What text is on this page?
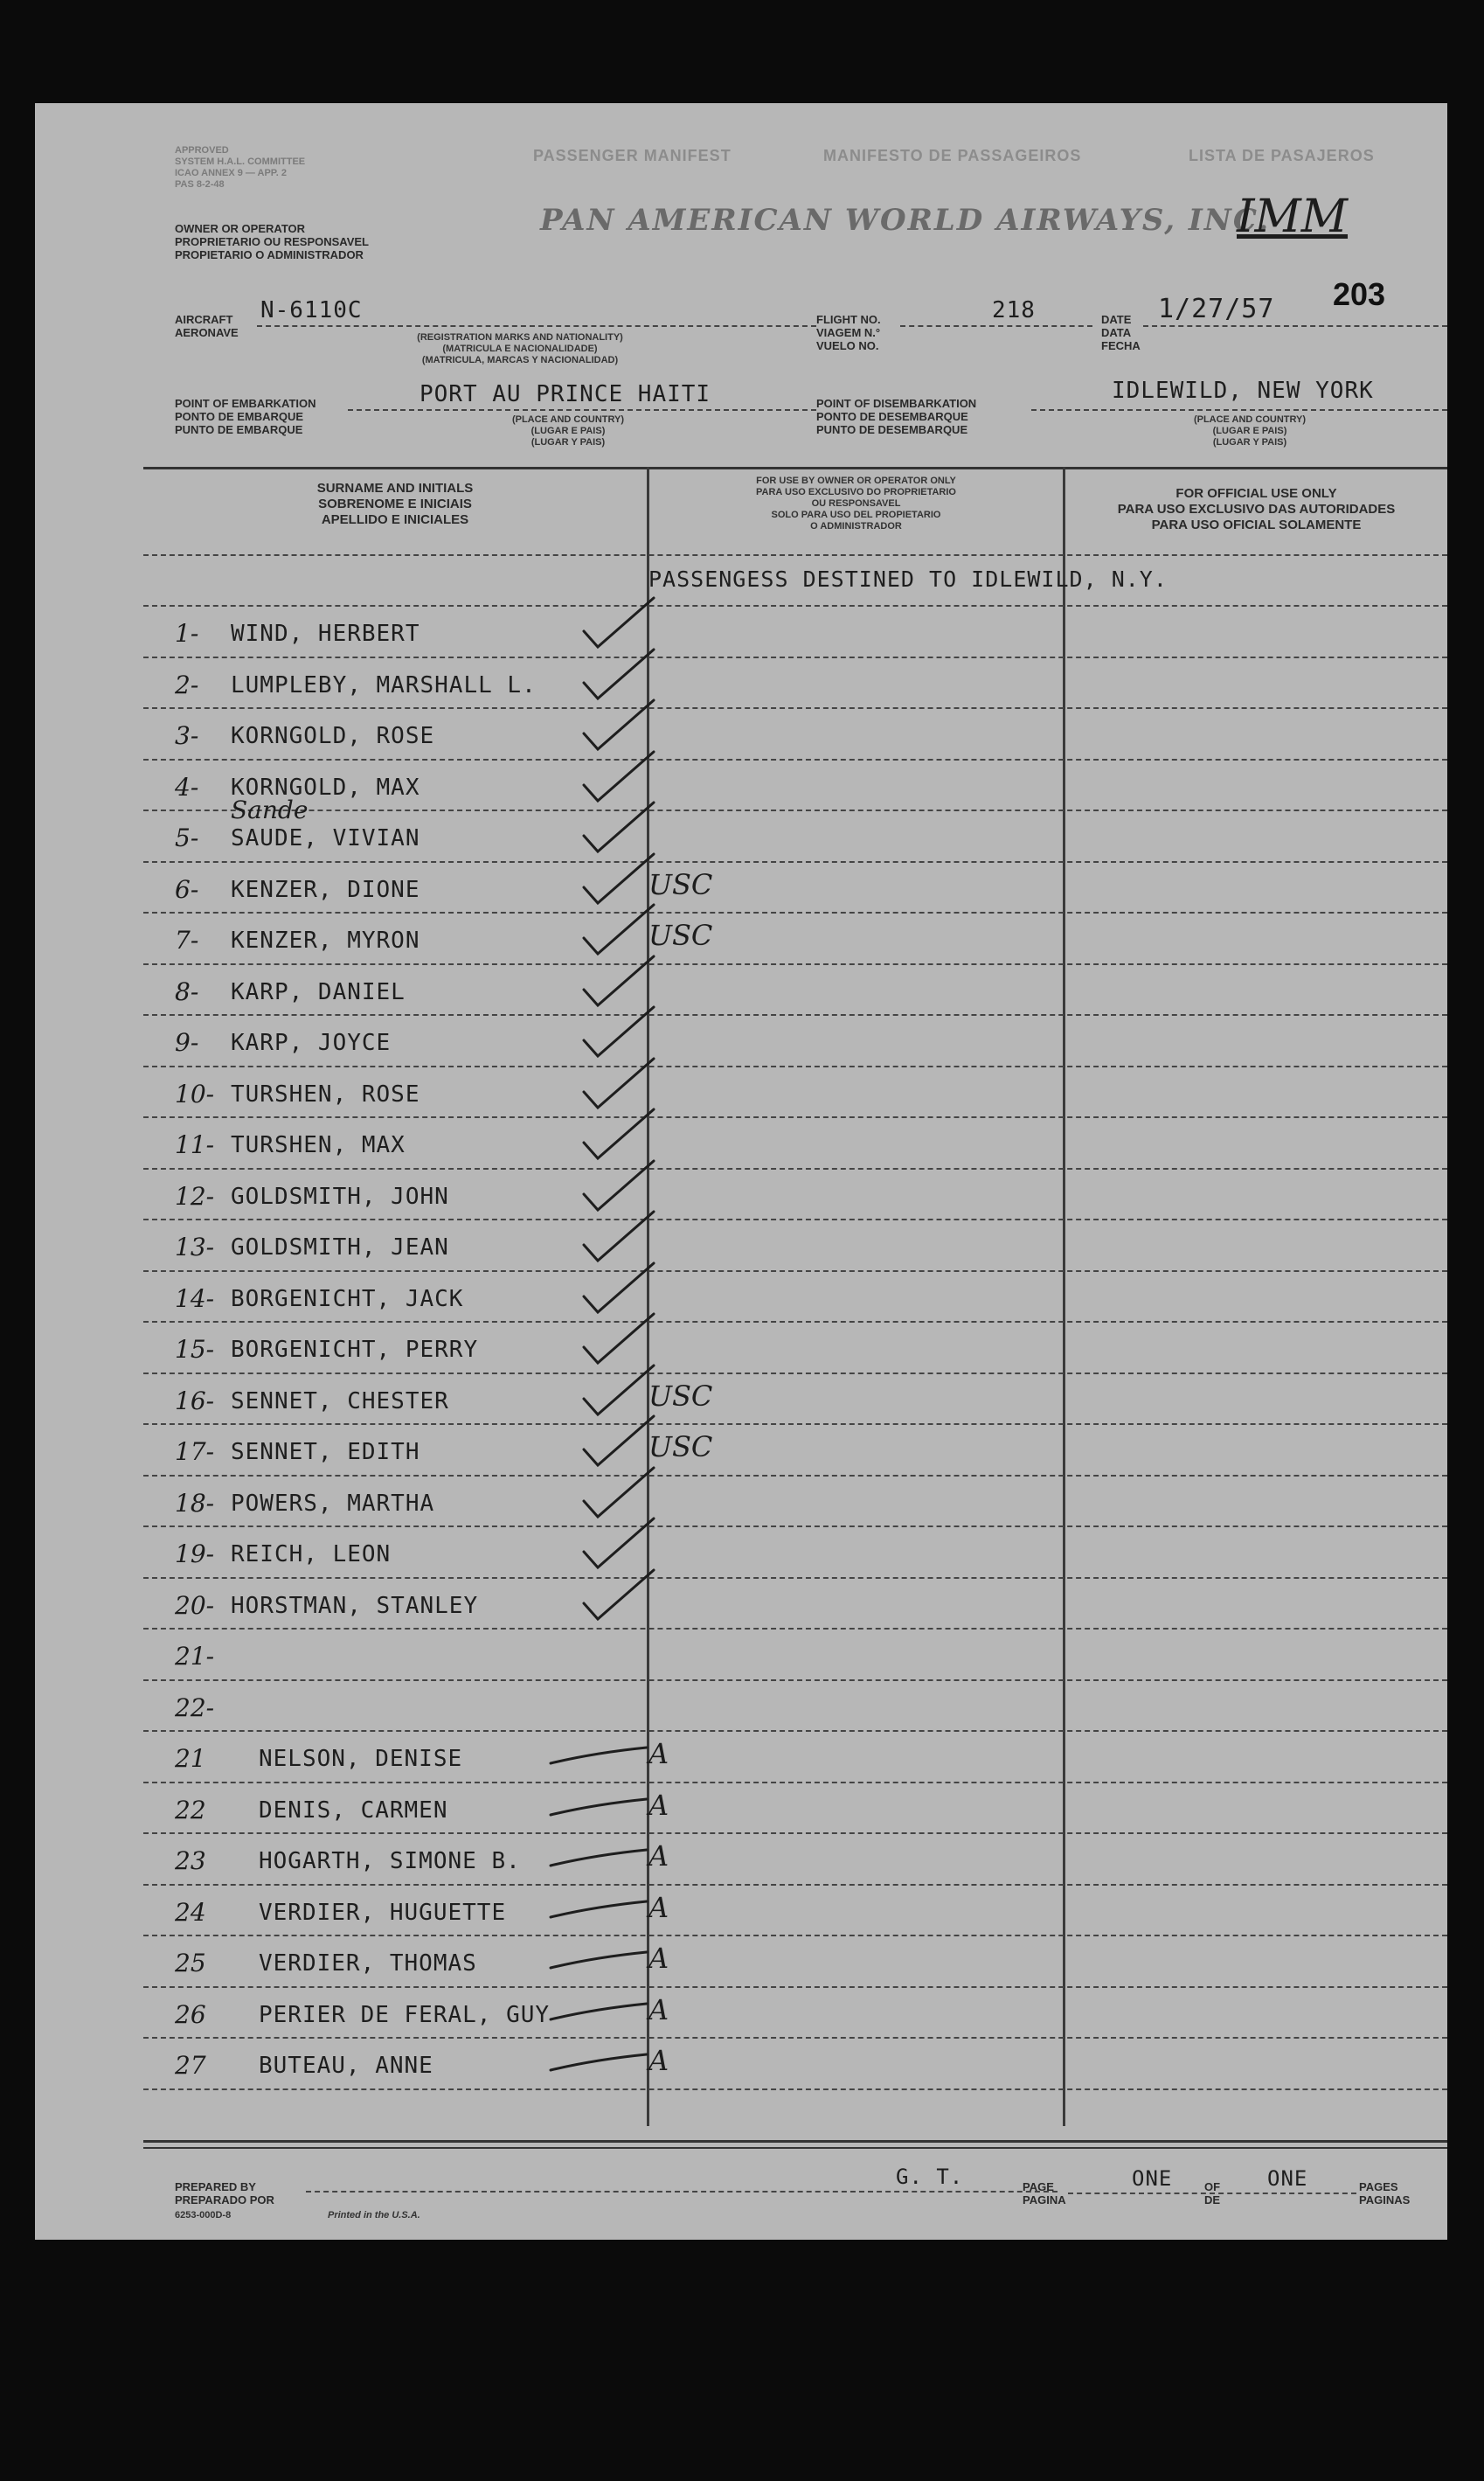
APPROVED
SYSTEM H.A.L. COMMITTEE
ICAO ANNEX 9 — APP. 2
PAS 8-2-48
PASSENGER MANIFEST	MANIFESTO DE PASSAGEIROS	LISTA DE PASAJEROS
OWNER OR OPERATOR
PROPRIETARIO OU RESPONSAVEL
PROPIETARIO O ADMINISTRADOR
PAN AMERICAN WORLD AIRWAYS, INC.
IMM
203
AIRCRAFT
AERONAVE
N-6110C
(REGISTRATION MARKS AND NATIONALITY)
(MATRICULA E NACIONALIDADE)
(MATRICULA, MARCAS Y NACIONALIDAD)
FLIGHT NO.
VIAGEM N.°
VUELO NO.
218	DATE
DATA
FECHA
1/27/57
POINT OF EMBARKATION
PONTO DE EMBARQUE
PUNTO DE EMBARQUE
PORT AU PRINCE HAITI
(PLACE AND COUNTRY)
(LUGAR E PAIS)
(LUGAR Y PAIS)
POINT OF DISEMBARKATION
PONTO DE DESEMBARQUE
PUNTO DE DESEMBARQUE
IDLEWILD, NEW YORK
(PLACE AND COUNTRY)
(LUGAR E PAIS)
(LUGAR Y PAIS)
SURNAME AND INITIALS
SOBRENOME E INICIAIS
APELLIDO E INICIALES
FOR USE BY OWNER OR OPERATOR ONLY
PARA USO EXCLUSIVO DO PROPRIETARIO
OU RESPONSAVEL
SOLO PARA USO DEL PROPIETARIO
O ADMINISTRADOR
FOR OFFICIAL USE ONLY
PARA USO EXCLUSIVO DAS AUTORIDADES
PARA USO OFICIAL SOLAMENTE
PASSENGESS DESTINED TO IDLEWILD, N.Y.
1-	WIND, HERBERT
2-	LUMPLEBY, MARSHALL L.
3-	KORNGOLD, ROSE
4-	KORNGOLD, MAX
5-	SAUDE, VIVIAN
Sande
6-	KENZER, DIONE	USC
7-	KENZER, MYRON	USC
8-	KARP, DANIEL
9-	KARP, JOYCE
10- TURSHEN, ROSE
11- TURSHEN, MAX
12- GOLDSMITH, JOHN
13- GOLDSMITH, JEAN
14- BORGENICHT, JACK
15- BORGENICHT, PERRY
16- SENNET, CHESTER	USC
17- SENNET, EDITH	USC
18- POWERS, MARTHA
19- REICH, LEON
20- HORSTMAN, STANLEY
21-
22-
21	NELSON, DENISE	A
22	DENIS, CARMEN	A
23	HOGARTH, SIMONE B.	A
24	VERDIER, HUGUETTE	A
25	VERDIER, THOMAS	A
26	PERIER DE FERAL, GUY	A
27	BUTEAU, ANNE	A
PREPARED BY
PREPARADO POR
6253-000D-8	Printed in the U.S.A.
G. T.	PAGE
PAGINA
ONE	OF
DE
ONE	PAGES
PAGINAS
